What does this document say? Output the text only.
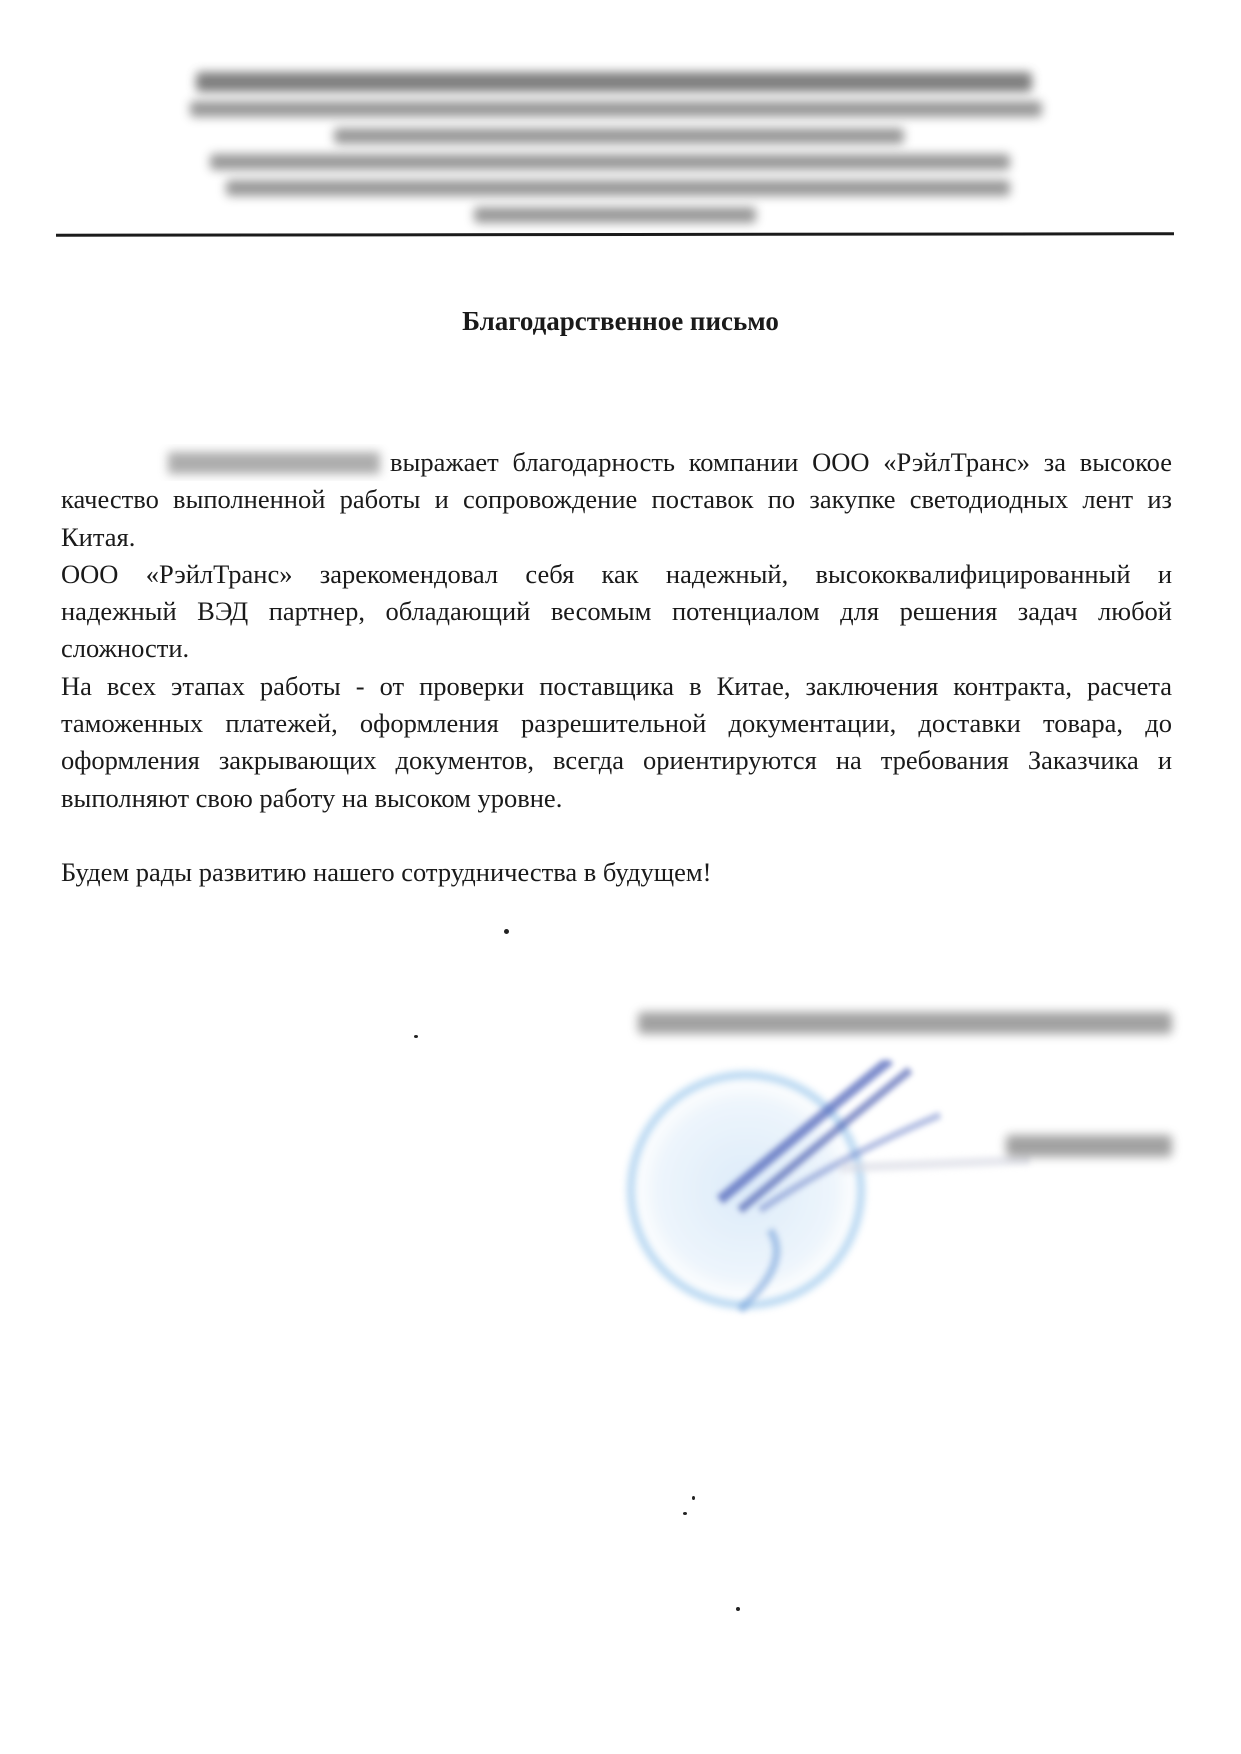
Благодарственное письмо
выражает благодарность компании ООО «РэйлТранс» за высокое
качество выполненной работы и сопровождение поставок по закупке светодиодных лент из
Китая.
ООО «РэйлТранс» зарекомендовал себя как надежный, высококвалифицированный и
надежный ВЭД партнер, обладающий весомым потенциалом для решения задач любой
сложности.
На всех этапах работы - от проверки поставщика в Китае, заключения контракта, расчета
таможенных платежей, оформления разрешительной документации, доставки товара, до
оформления закрывающих документов, всегда ориентируются на требования Заказчика и
выполняют свою работу на высоком уровне.
Будем рады развитию нашего сотрудничества в будущем!
